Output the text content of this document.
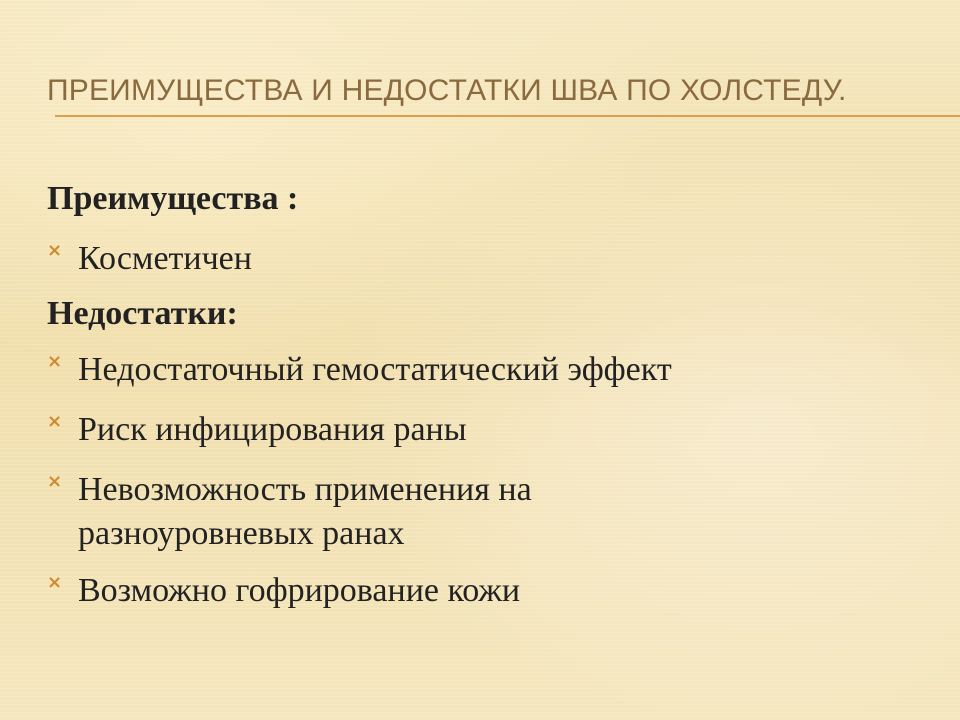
ПРЕИМУЩЕСТВА И НЕДОСТАТКИ ШВА ПО ХОЛСТЕДУ.

Преимущества :

× Косметичен

Недостатки:

× Недостаточный гемостатический эффект
× Риск инфицирования раны
× Невозможность применения на разноуровневых ранах
× Возможно гофрирование кожи
